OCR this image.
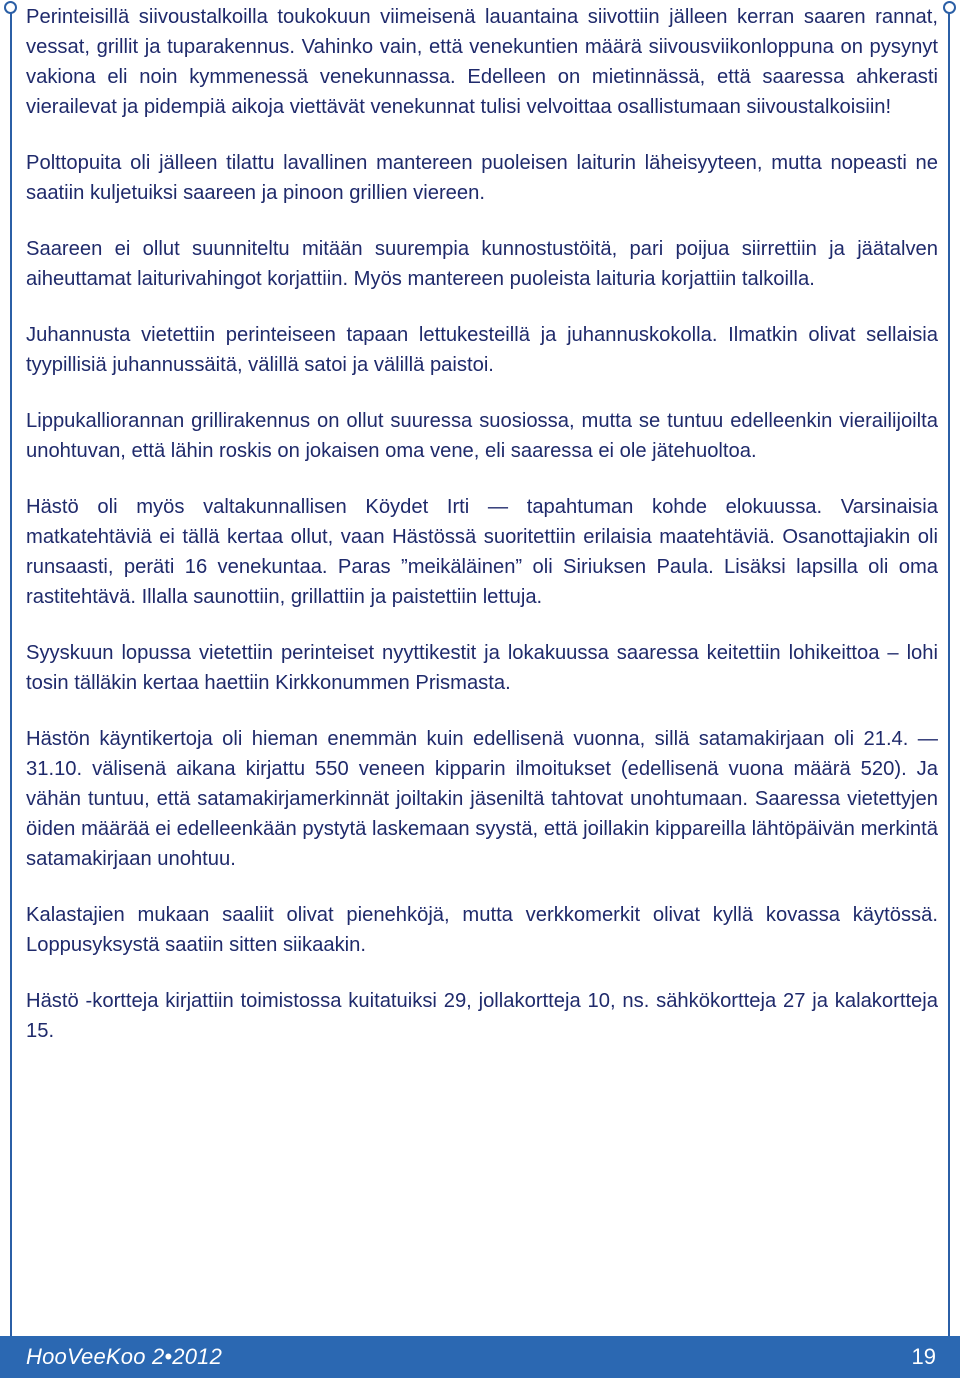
Perinteisillä siivoustalkoilla toukokuun viimeisenä lauantaina siivottiin jälleen kerran saaren rannat, vessat, grillit ja tuparakennus. Vahinko vain, että venekuntien määrä siivousviikonloppuna on pysynyt vakiona eli noin kymmenessä venekunnassa. Edelleen on mietinnässä, että saaressa ahkerasti vierailevat ja pidempiä aikoja viettävät venekunnat tulisi velvoittaa osallistumaan siivoustalkoisiin!

Polttopuita oli jälleen tilattu lavallinen mantereen puoleisen laiturin läheisyyteen, mutta nopeasti ne saatiin kuljetuiksi saareen ja pinoon grillien viereen.

Saareen ei ollut suunniteltu mitään suurempia kunnostustöitä, pari poijua siirrettiin ja jäätalven aiheuttamat laiturivahingot korjattiin. Myös mantereen puoleista laituria korjattiin talkoilla.

Juhannusta vietettiin perinteiseen tapaan lettukesteillä ja juhannuskokolla. Ilmatkin olivat sellaisia tyypillisiä juhannussäitä, välillä satoi ja välillä paistoi.

Lippukalliorannan grillirakennus on ollut suuressa suosiossa, mutta se tuntuu edelleenkin vierailijoilta unohtuvan, että lähin roskis on jokaisen oma vene, eli saaressa ei ole jätehuoltoa.

Hästö oli myös valtakunnallisen Köydet Irti — tapahtuman kohde elokuussa. Varsinaisia matkatehtäviä ei tällä kertaa ollut, vaan Hästössä suoritettiin erilaisia maatehtäviä. Osanottajiakin oli runsaasti, peräti 16 venekuntaa. Paras ”meikäläinen” oli Siriuksen Paula. Lisäksi lapsilla oli oma rastitehtävä. Illalla saunottiin, grillattiin ja paistettiin lettuja.

Syyskuun lopussa vietettiin perinteiset nyyttikestit ja lokakuussa saaressa keitettiin lohikeittoa – lohi tosin tälläkin kertaa haettiin Kirkkonummen Prismasta.

Hästön käyntikertoja oli hieman enemmän kuin edellisenä vuonna, sillä satamakirjaan oli 21.4. — 31.10. välisenä aikana kirjattu 550 veneen kipparin ilmoitukset (edellisenä vuona määrä 520). Ja vähän tuntuu, että satamakirjamerkinnät joiltakin jäseniltä tahtovat unohtumaan. Saaressa vietettyjen öiden määrää ei edelleenkään pystytä laskemaan syystä, että joillakin kippareilla lähtöpäivän merkintä satamakirjaan unohtuu.

Kalastajien mukaan saaliit olivat pienehköjä, mutta verkkomerkit olivat kyllä kovassa käytössä. Loppusyksystä saatiin sitten siikaakin.

Hästö -kortteja kirjattiin toimistossa kuitatuiksi 29, jollakortteja 10, ns. sähkökortteja 27 ja kalakortteja 15.

HooVeeKoo 2•2012	19
